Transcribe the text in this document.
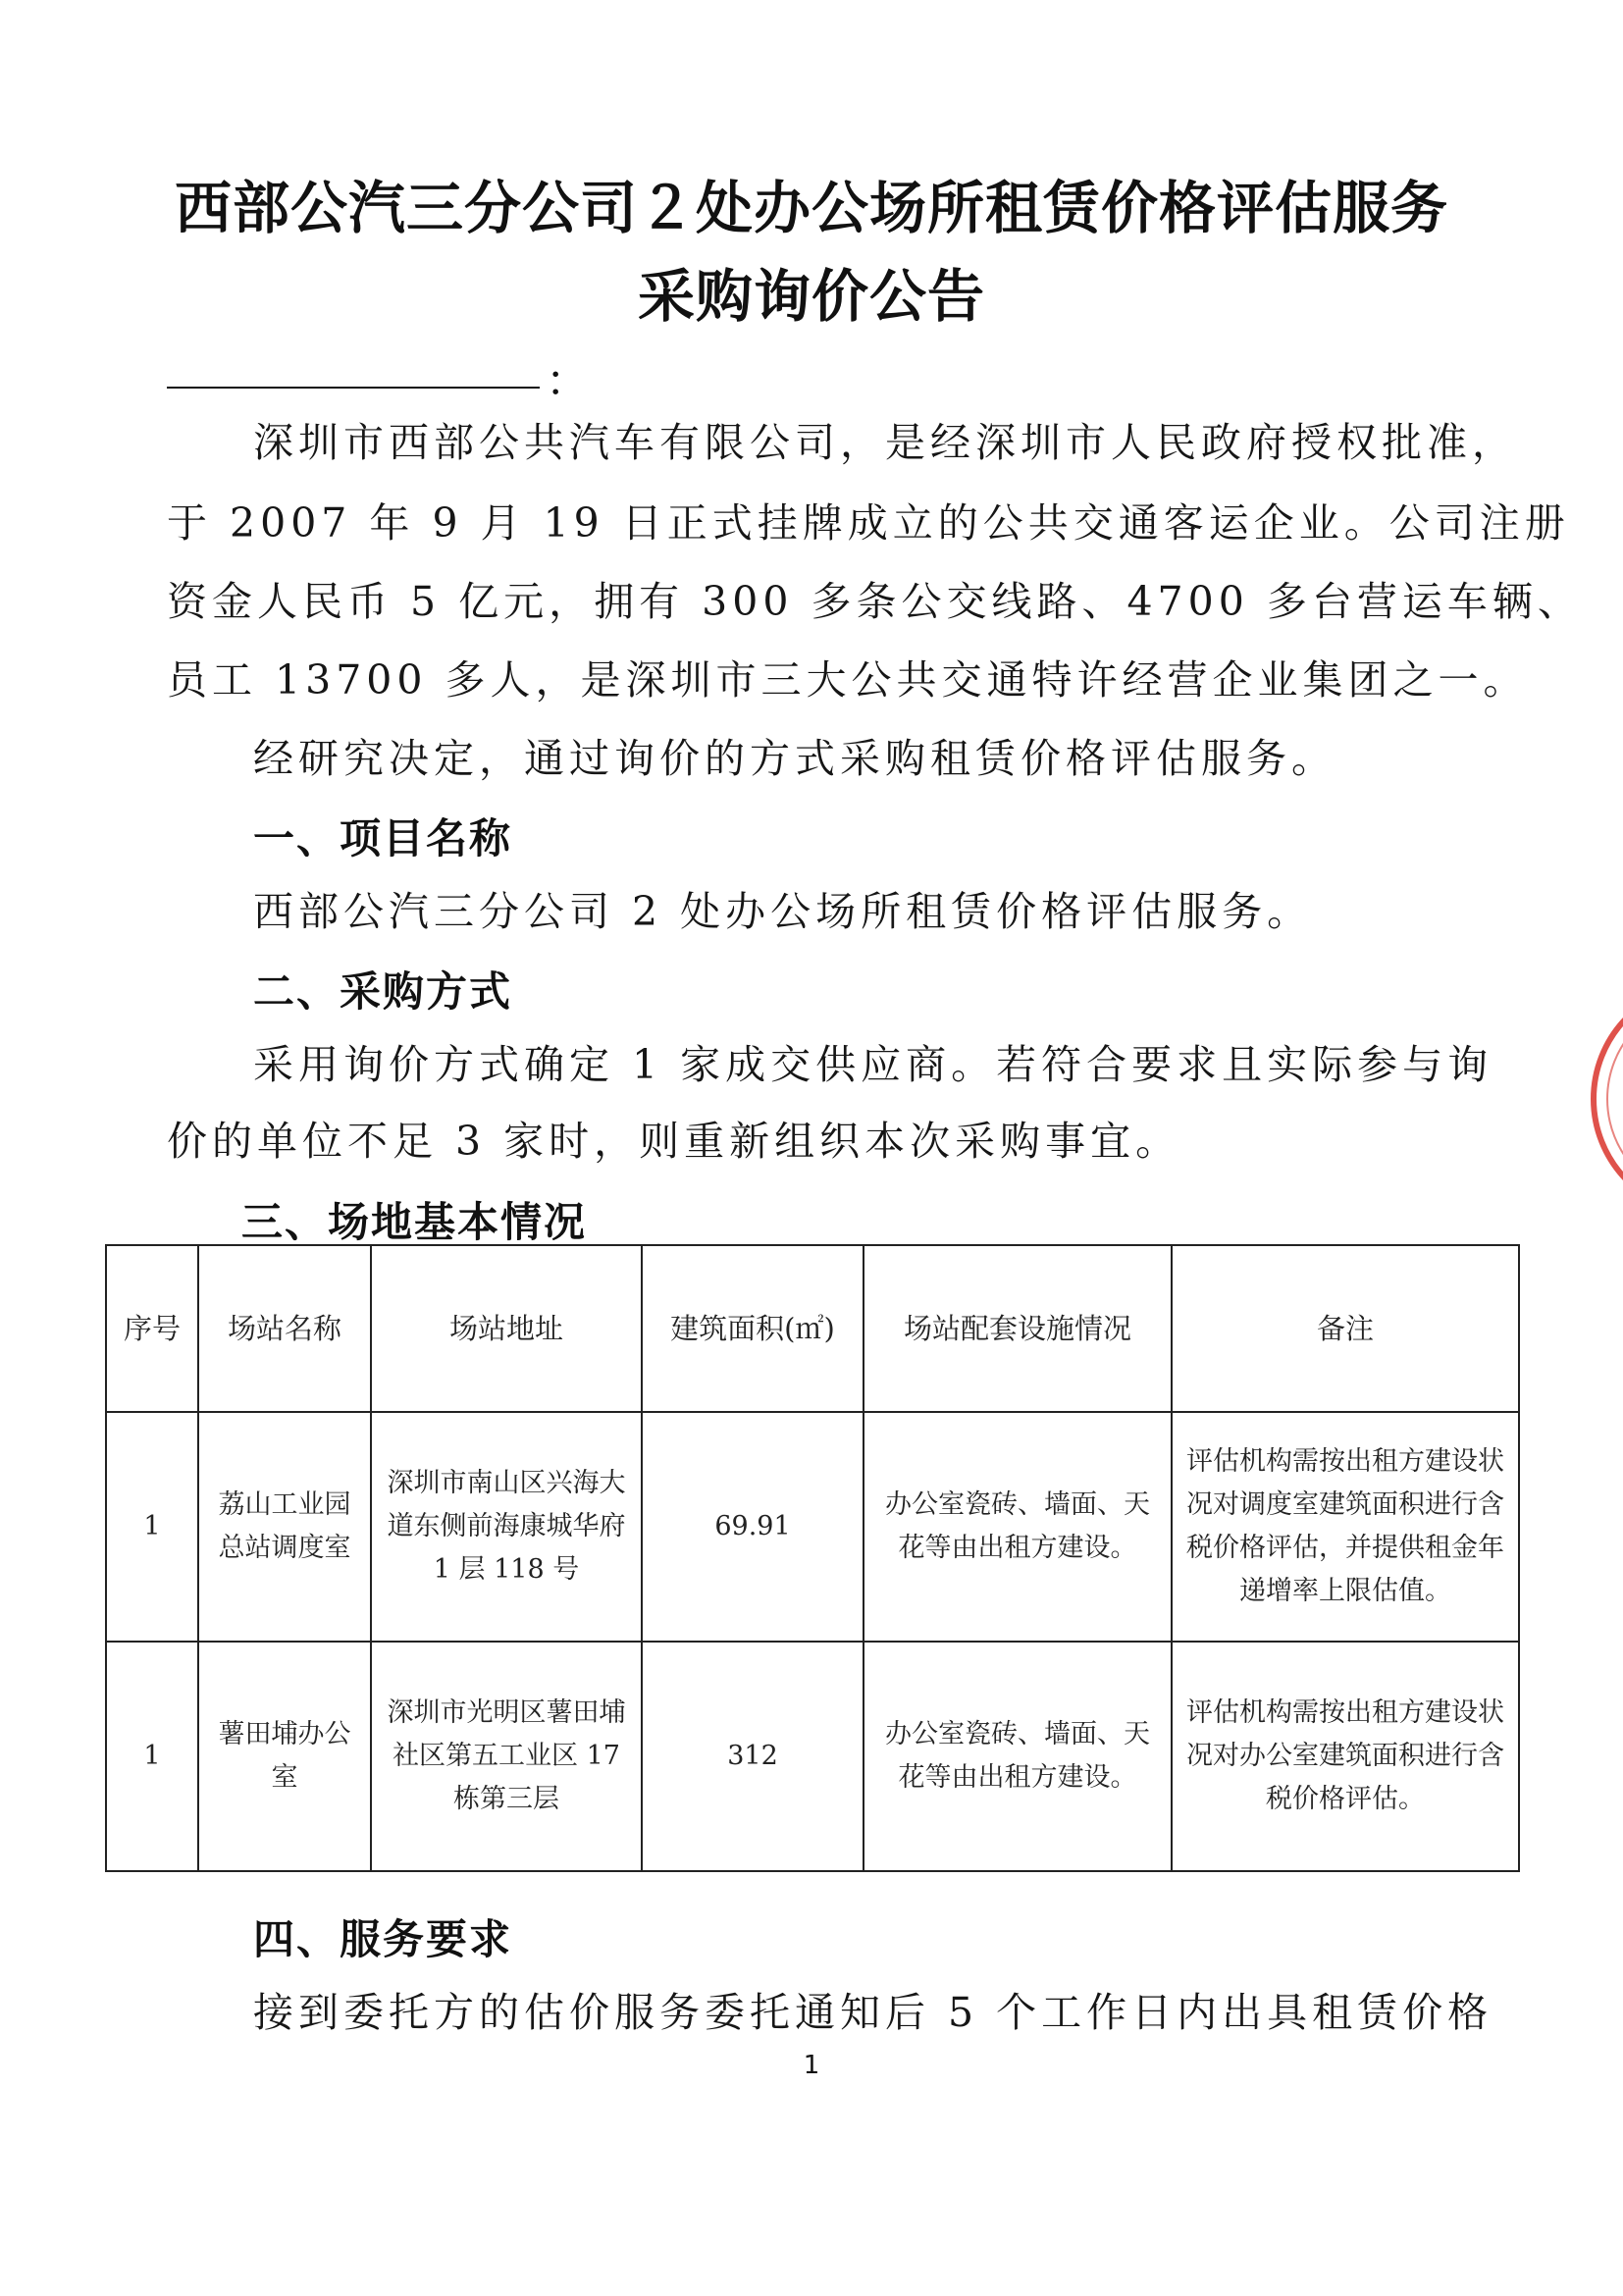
西部公汽三分公司２处办公场所租赁价格评估服务
采购询价公告
：
深圳市西部公共汽车有限公司，是经深圳市人民政府授权批准，
于 2007 年 9 月 19 日正式挂牌成立的公共交通客运企业。公司注册
资金人民币 5 亿元，拥有 300 多条公交线路、4700 多台营运车辆、
员工 13700 多人，是深圳市三大公共交通特许经营企业集团之一。
经研究决定，通过询价的方式采购租赁价格评估服务。
一、项目名称
西部公汽三分公司 2 处办公场所租赁价格评估服务。
二、采购方式
采用询价方式确定 1 家成交供应商。若符合要求且实际参与询
价的单位不足 3 家时，则重新组织本次采购事宜。
三、场地基本情况
序号	场站名称	场站地址	建筑面积(㎡)	场站配套设施情况	备注
1	荔山工业园总站调度室	深圳市南山区兴海大道东侧前海康城华府 1 层 118 号	69.91	办公室瓷砖、墙面、天花等由出租方建设。	评估机构需按出租方建设状况对调度室建筑面积进行含税价格评估，并提供租金年递增率上限估值。
1	薯田埔办公室	深圳市光明区薯田埔社区第五工业区 17 栋第三层	312	办公室瓷砖、墙面、天花等由出租方建设。	评估机构需按出租方建设状况对办公室建筑面积进行含税价格评估。
四、服务要求
接到委托方的估价服务委托通知后 5 个工作日内出具租赁价格
1
